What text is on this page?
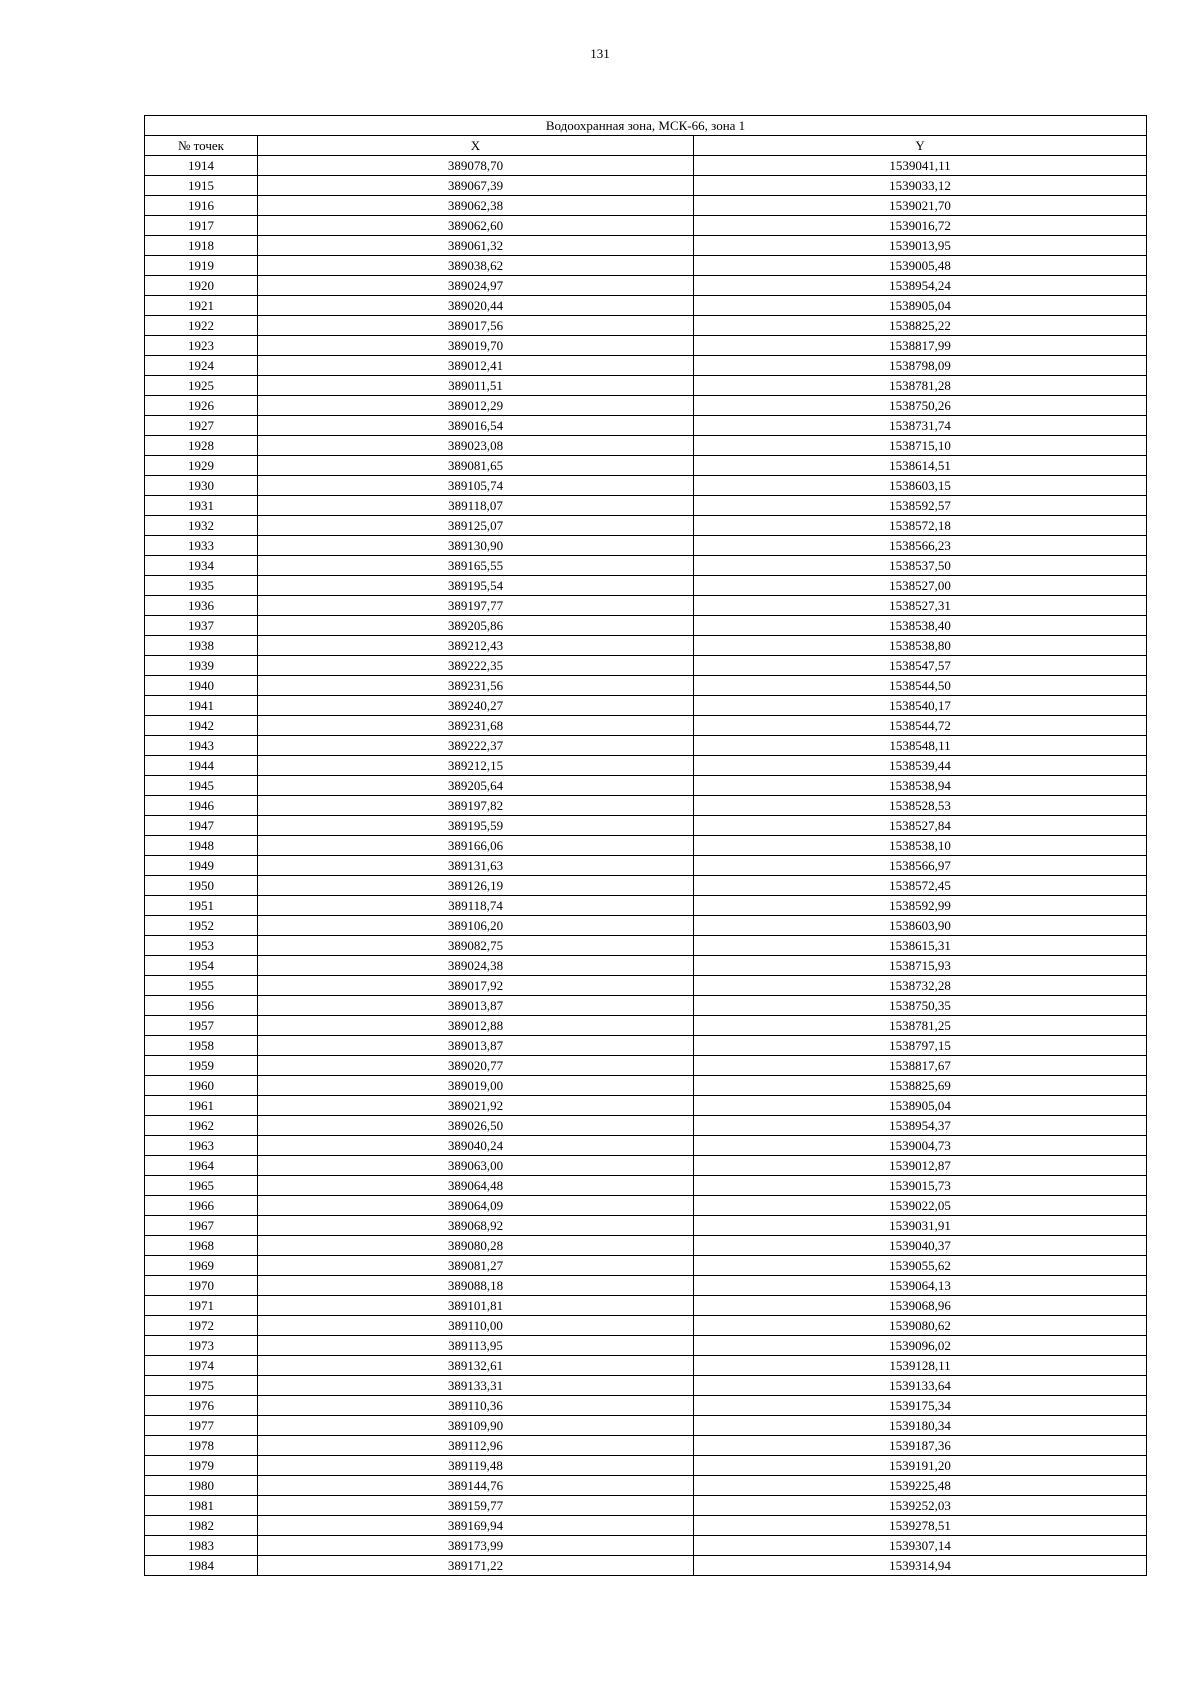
131
Водоохранная зона, МСК-66, зона 1		
№ точек	X	Y
1914	389078,70	1539041,11
1915	389067,39	1539033,12
1916	389062,38	1539021,70
1917	389062,60	1539016,72
1918	389061,32	1539013,95
1919	389038,62	1539005,48
1920	389024,97	1538954,24
1921	389020,44	1538905,04
1922	389017,56	1538825,22
1923	389019,70	1538817,99
1924	389012,41	1538798,09
1925	389011,51	1538781,28
1926	389012,29	1538750,26
1927	389016,54	1538731,74
1928	389023,08	1538715,10
1929	389081,65	1538614,51
1930	389105,74	1538603,15
1931	389118,07	1538592,57
1932	389125,07	1538572,18
1933	389130,90	1538566,23
1934	389165,55	1538537,50
1935	389195,54	1538527,00
1936	389197,77	1538527,31
1937	389205,86	1538538,40
1938	389212,43	1538538,80
1939	389222,35	1538547,57
1940	389231,56	1538544,50
1941	389240,27	1538540,17
1942	389231,68	1538544,72
1943	389222,37	1538548,11
1944	389212,15	1538539,44
1945	389205,64	1538538,94
1946	389197,82	1538528,53
1947	389195,59	1538527,84
1948	389166,06	1538538,10
1949	389131,63	1538566,97
1950	389126,19	1538572,45
1951	389118,74	1538592,99
1952	389106,20	1538603,90
1953	389082,75	1538615,31
1954	389024,38	1538715,93
1955	389017,92	1538732,28
1956	389013,87	1538750,35
1957	389012,88	1538781,25
1958	389013,87	1538797,15
1959	389020,77	1538817,67
1960	389019,00	1538825,69
1961	389021,92	1538905,04
1962	389026,50	1538954,37
1963	389040,24	1539004,73
1964	389063,00	1539012,87
1965	389064,48	1539015,73
1966	389064,09	1539022,05
1967	389068,92	1539031,91
1968	389080,28	1539040,37
1969	389081,27	1539055,62
1970	389088,18	1539064,13
1971	389101,81	1539068,96
1972	389110,00	1539080,62
1973	389113,95	1539096,02
1974	389132,61	1539128,11
1975	389133,31	1539133,64
1976	389110,36	1539175,34
1977	389109,90	1539180,34
1978	389112,96	1539187,36
1979	389119,48	1539191,20
1980	389144,76	1539225,48
1981	389159,77	1539252,03
1982	389169,94	1539278,51
1983	389173,99	1539307,14
1984	389171,22	1539314,94
